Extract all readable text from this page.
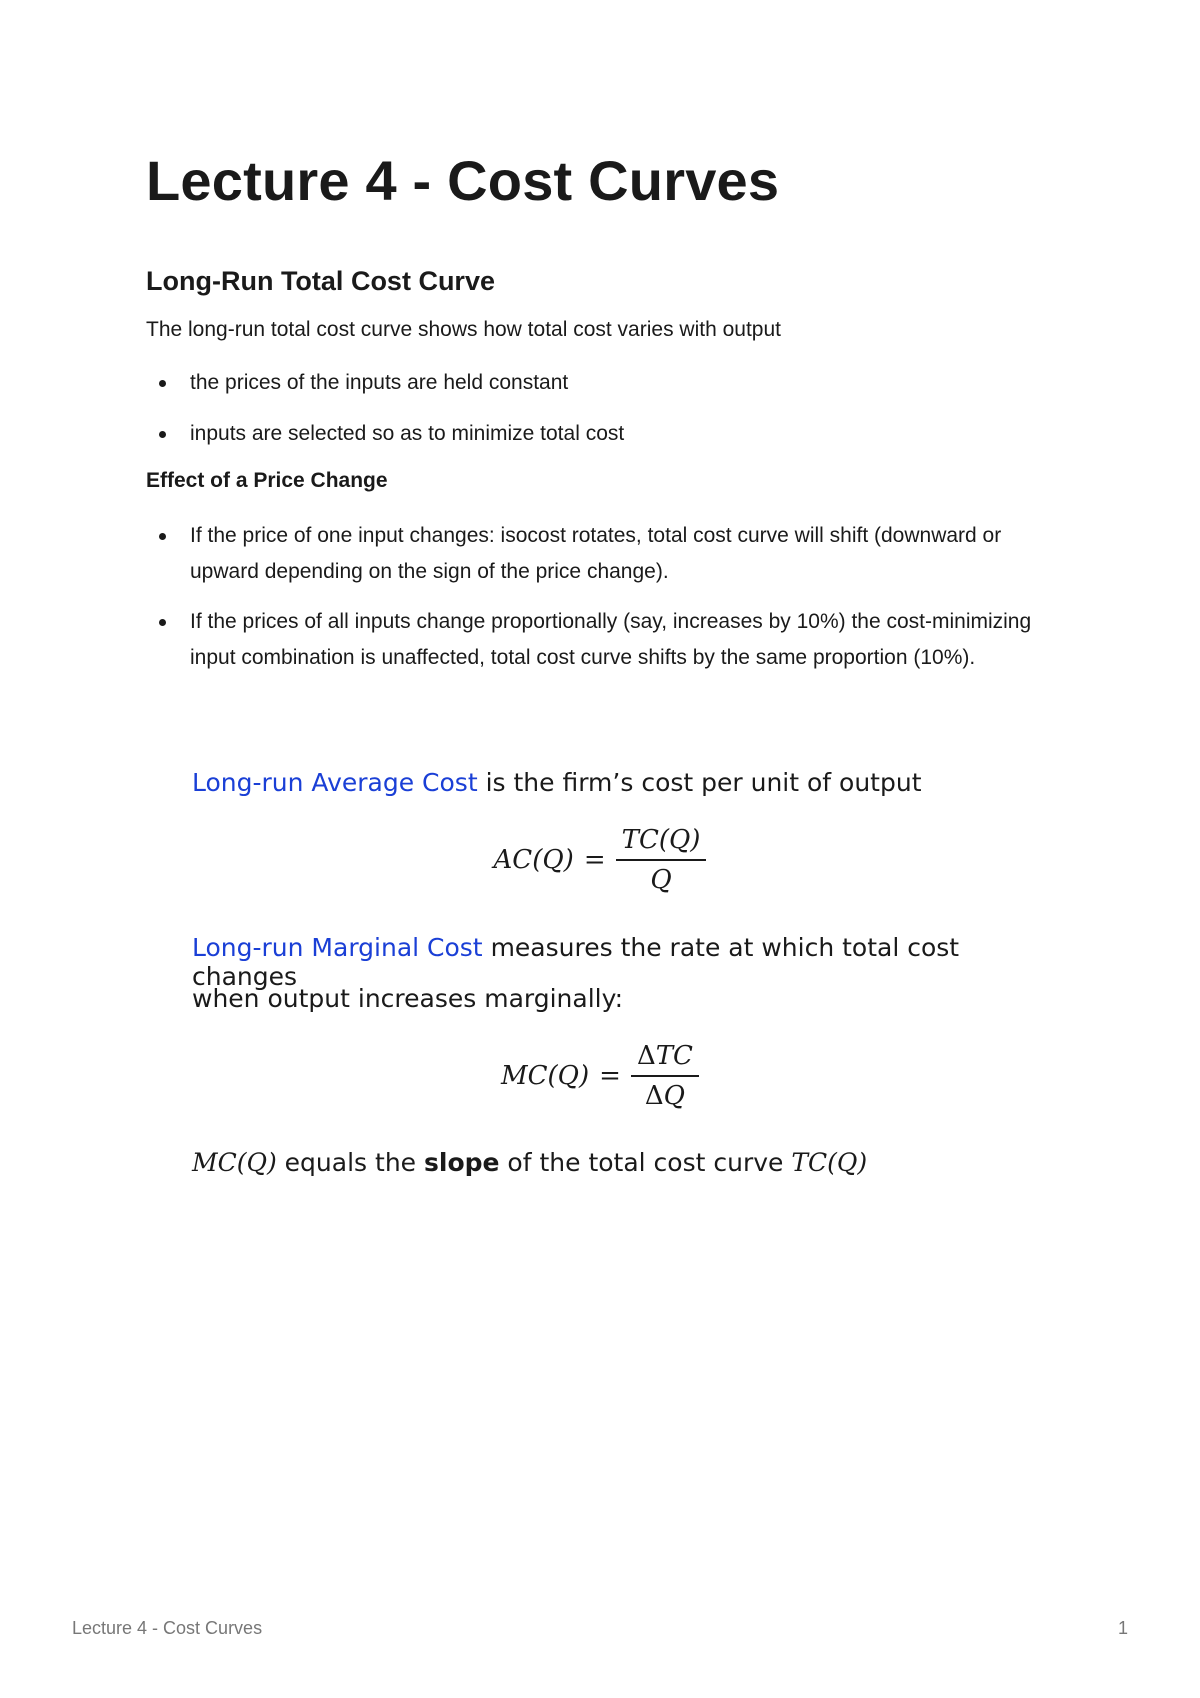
Lecture 4 - Cost Curves
Long-Run Total Cost Curve

The long-run total cost curve shows how total cost varies with output

the prices of the inputs are held constant
inputs are selected so as to minimize total cost
Effect of a Price Change
If the price of one input changes: isocost rotates, total cost curve will shift (downward or upward depending on the sign of the price change).
If the prices of all inputs change proportionally (say, increases by 10%) the cost-minimizing input combination is unaffected, total cost curve shifts by the same proportion (10%).
Long-run Average Cost is the firm’s cost per unit of output
$AC(Q) = \frac{TC(Q)}{Q}$
Long-run Marginal Cost measures the rate at which total cost changes
when output increases marginally:
$MC(Q) = \frac{\text{ΔTC}}{\Delta Q}$
MC(Q) equals the slope of the total cost curve TC(Q)
Lecture 4 - Cost Curves	1
